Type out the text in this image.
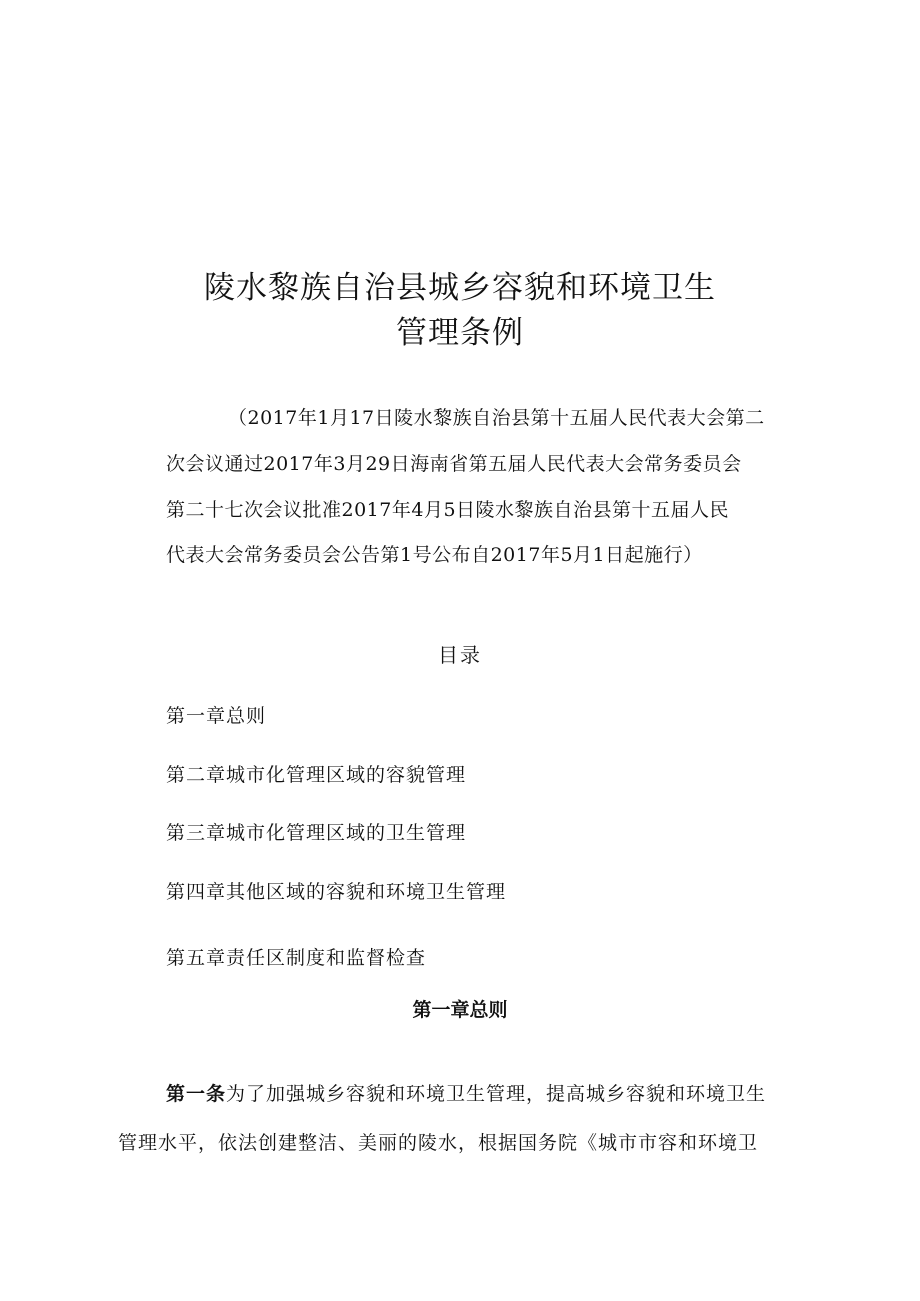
陵水黎族自治县城乡容貌和环境卫生
管理条例
（2017年1月17日陵水黎族自治县第十五届人民代表大会第二
次会议通过2017年3月29日海南省第五届人民代表大会常务委员会
第二十七次会议批准2017年4月5日陵水黎族自治县第十五届人民
代表大会常务委员会公告第1号公布自2017年5月1日起施行）
目录
第一章总则
第二章城市化管理区域的容貌管理
第三章城市化管理区域的卫生管理
第四章其他区域的容貌和环境卫生管理
第五章责任区制度和监督检查
第一章总则
第一条为了加强城乡容貌和环境卫生管理，提高城乡容貌和环境卫生
管理水平，依法创建整洁、美丽的陵水，根据国务院《城市市容和环境卫
